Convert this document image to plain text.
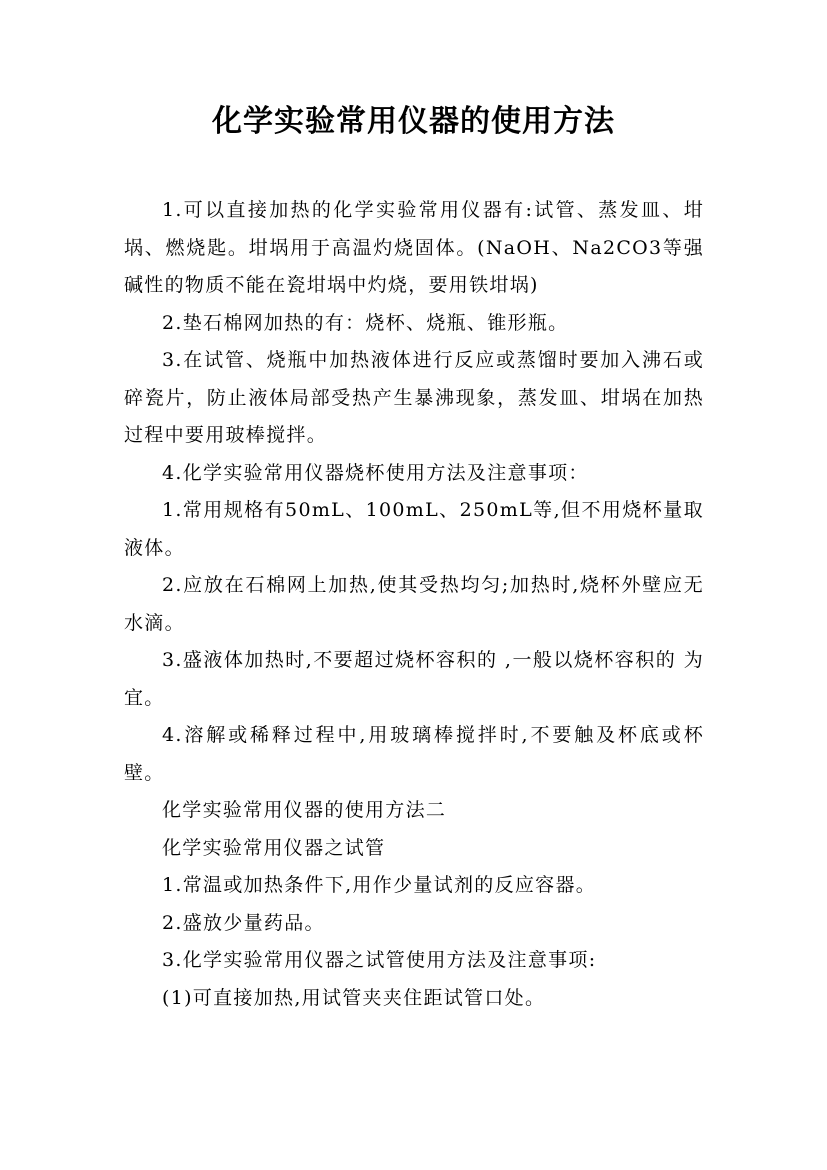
化学实验常用仪器的使用方法

1.可以直接加热的化学实验常用仪器有:试管、蒸发皿、坩埚、燃烧匙。坩埚用于高温灼烧固体。(NaOH、Na2CO3等强碱性的物质不能在瓷坩埚中灼烧，要用铁坩埚)

2.垫石棉网加热的有：烧杯、烧瓶、锥形瓶。

3.在试管、烧瓶中加热液体进行反应或蒸馏时要加入沸石或碎瓷片，防止液体局部受热产生暴沸现象，蒸发皿、坩埚在加热过程中要用玻棒搅拌。

4.化学实验常用仪器烧杯使用方法及注意事项：

1.常用规格有50mL、100mL、250mL等,但不用烧杯量取液体。

2.应放在石棉网上加热,使其受热均匀;加热时,烧杯外壁应无水滴。

3.盛液体加热时,不要超过烧杯容积的 ,一般以烧杯容积的 为宜。

4.溶解或稀释过程中,用玻璃棒搅拌时,不要触及杯底或杯壁。

化学实验常用仪器的使用方法二

化学实验常用仪器之试管

1.常温或加热条件下,用作少量试剂的反应容器。

2.盛放少量药品。

3.化学实验常用仪器之试管使用方法及注意事项:

(1)可直接加热,用试管夹夹住距试管口处。
